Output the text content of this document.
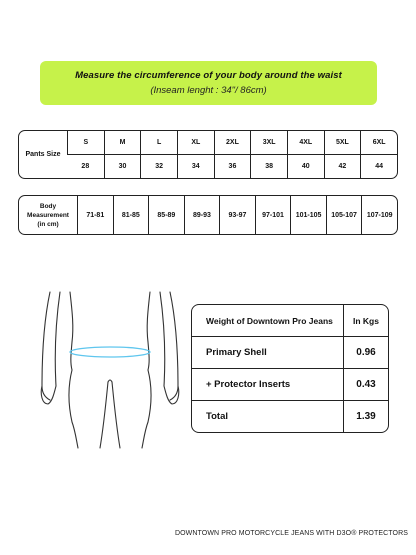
Measure the circumference of your body around the waist
(Inseam lenght : 34"/ 86cm)
Pants Size	S	M	L	XL	2XL	3XL	4XL	5XL	6XL
	28	30	32	34	36	38	40	42	44
Body
Measurement
(in cm)
	71-81	81-85	85-89	89-93	93-97	97-101	101-105	105-107	107-109
Weight of Downtown Pro Jeans	In Kgs
Primary Shell	0.96
+ Protector Inserts	0.43
Total	1.39
DOWNTOWN PRO MOTORCYCLE JEANS WITH D3O® PROTECTORS
